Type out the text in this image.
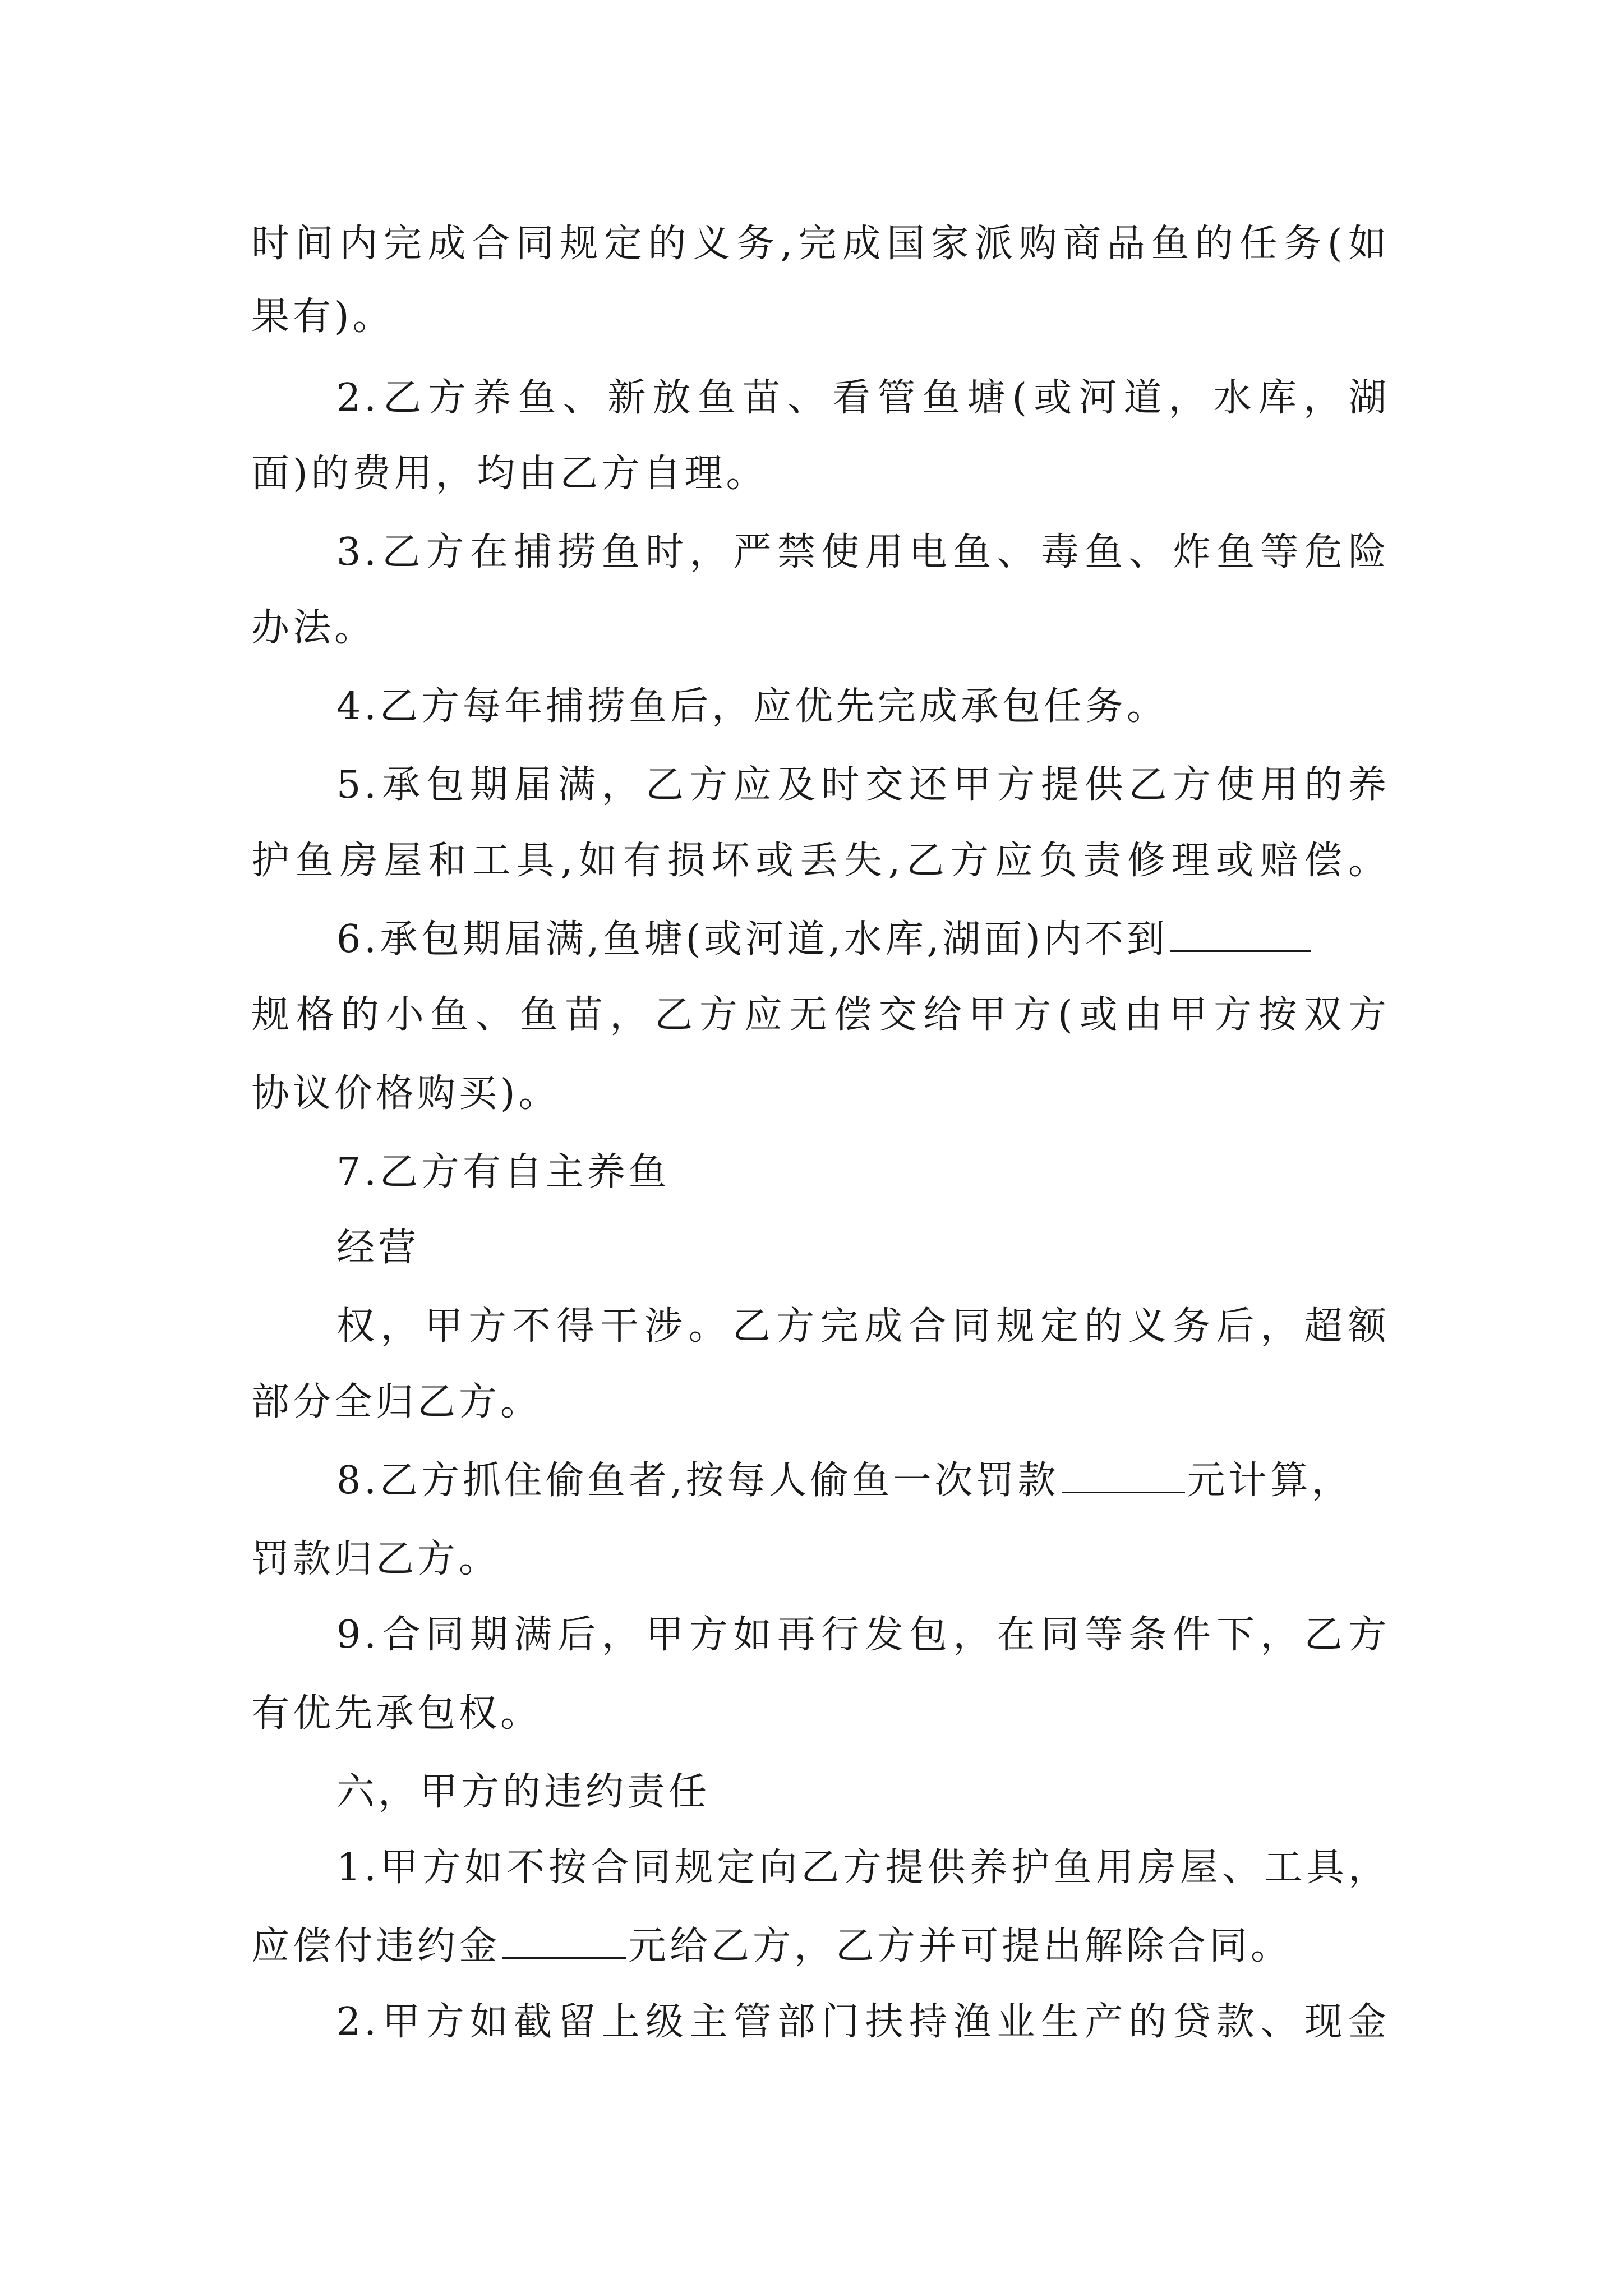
时间内完成合同规定的义务,完成国家派购商品鱼的任务(如
果有)。
2.乙方养鱼、新放鱼苗、看管鱼塘(或河道，水库，湖
面)的费用，均由乙方自理。
3.乙方在捕捞鱼时，严禁使用电鱼、毒鱼、炸鱼等危险
办法。
4.乙方每年捕捞鱼后，应优先完成承包任务。
5.承包期届满，乙方应及时交还甲方提供乙方使用的养
护鱼房屋和工具,如有损坏或丢失,乙方应负责修理或赔偿。
6.承包期届满,鱼塘(或河道,水库,湖面)内不到
规格的小鱼、鱼苗，乙方应无偿交给甲方(或由甲方按双方
协议价格购买)。
7.乙方有自主养鱼
经营
权，甲方不得干涉。乙方完成合同规定的义务后，超额
部分全归乙方。
8.乙方抓住偷鱼者,按每人偷鱼一次罚款	元计算，
罚款归乙方。
9.合同期满后，甲方如再行发包，在同等条件下，乙方
有优先承包权。
六，甲方的违约责任
1.甲方如不按合同规定向乙方提供养护鱼用房屋、工具，
应偿付违约金	元给乙方，乙方并可提出解除合同。
2.甲方如截留上级主管部门扶持渔业生产的贷款、现金
